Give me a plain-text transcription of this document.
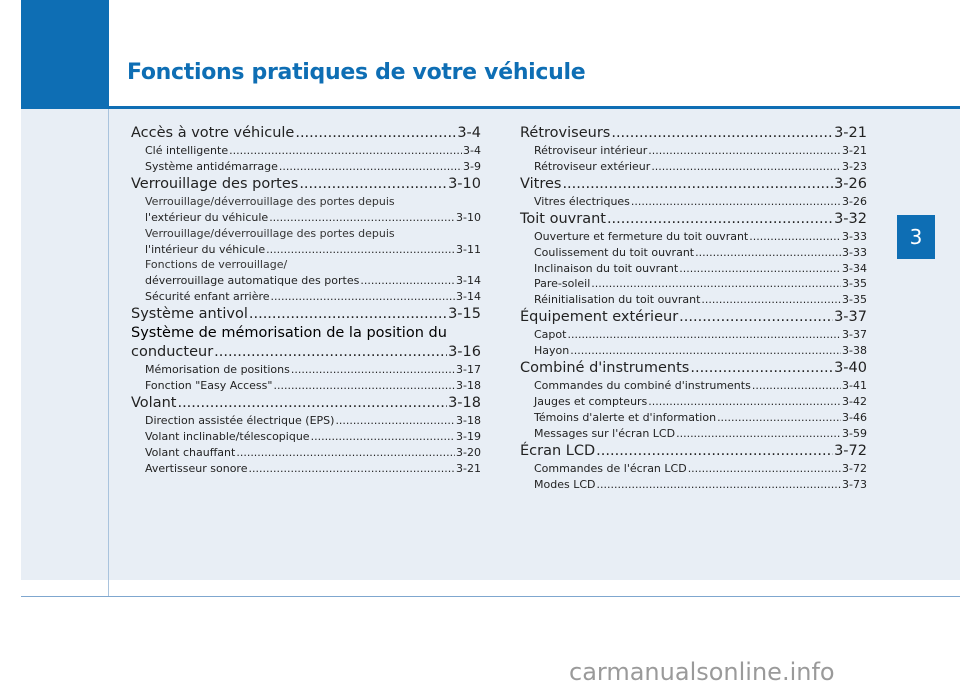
Fonctions pratiques de votre véhicule
3
Accès à votre véhicule .....	3-4
Clé intelligente .....	3-4
Système antidémarrage .....	3-9
Verrouillage des portes .....	3-10
Verrouillage/déverrouillage des portes depuis
l'extérieur du véhicule .....	3-10
Verrouillage/déverrouillage des portes depuis
l'intérieur du véhicule .....	3-11
Fonctions de verrouillage/
déverrouillage automatique des portes .....	3-14
Sécurité enfant arrière .....	3-14
Système antivol .....	3-15
Système de mémorisation de la position du
conducteur .....	3-16
Mémorisation de positions .....	3-17
Fonction "Easy Access" .....	3-18
Volant .....	3-18
Direction assistée électrique (EPS) .....	3-18
Volant inclinable/télescopique .....	3-19
Volant chauffant .....	3-20
Avertisseur sonore .....	3-21
Rétroviseurs .....	3-21
Rétroviseur intérieur .....	3-21
Rétroviseur extérieur .....	3-23
Vitres .....	3-26
Vitres électriques .....	3-26
Toit ouvrant .....	3-32
Ouverture et fermeture du toit ouvrant .....	3-33
Coulissement du toit ouvrant .....	3-33
Inclinaison du toit ouvrant .....	3-34
Pare-soleil .....	3-35
Réinitialisation du toit ouvrant .....	3-35
Équipement extérieur .....	3-37
Capot .....	3-37
Hayon .....	3-38
Combiné d'instruments .....	3-40
Commandes du combiné d'instruments .....	3-41
Jauges et compteurs .....	3-42
Témoins d'alerte et d'information .....	3-46
Messages sur l'écran LCD .....	3-59
Écran LCD .....	3-72
Commandes de l'écran LCD .....	3-72
Modes LCD .....	3-73
carmanualsonline.info
